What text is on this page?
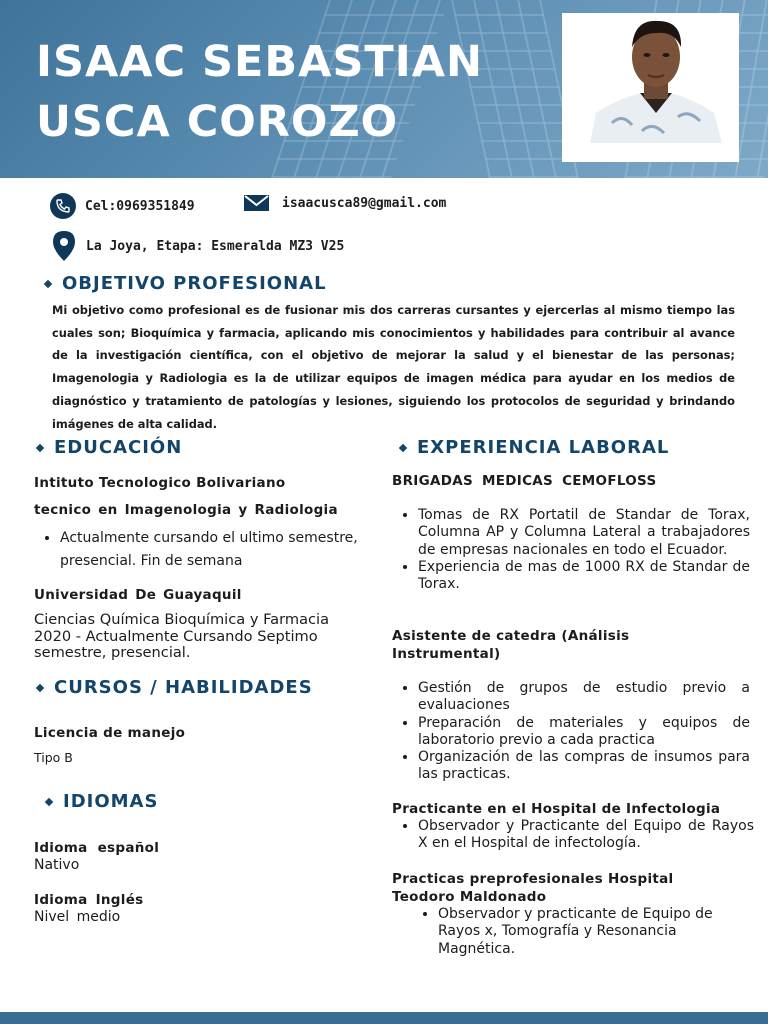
ISAAC SEBASTIAN
USCA COROZO
Cel:0969351849	isaacusca89@gmail.com
La Joya, Etapa: Esmeralda MZ3 V25
OBJETIVO PROFESIONAL

Mi objetivo como profesional es de fusionar mis dos carreras cursantes y ejercerlas al mismo tiempo las cuales son; Bioquímica y farmacia, aplicando mis conocimientos y habilidades para contribuir al avance de la investigación científica, con el objetivo de mejorar la salud y el bienestar de las personas; Imagenologia y Radiologia es la de utilizar equipos de imagen médica para ayudar en los medios de diagnóstico y tratamiento de patologías y lesiones, siguiendo los protocolos de seguridad y brindando imágenes de alta calidad.

EDUCACIÓN
Intituto Tecnologico Bolivariano
tecnico en Imagenologia y Radiologia
• Actualmente cursando el ultimo semestre, presencial. Fin de semana
Universidad De Guayaquil
Ciencias Química Bioquímica y Farmacia 2020 - Actualmente Cursando Septimo semestre, presencial.
CURSOS / HABILIDADES
Licencia de manejo
Tipo B
IDIOMAS
Idioma español
Nativo
Idioma Inglés
Nivel medio
EXPERIENCIA LABORAL
BRIGADAS MEDICAS CEMOFLOSS
• Tomas de RX Portatil de Standar de Torax, Columna AP y Columna Lateral a trabajadores de empresas nacionales en todo el Ecuador.
• Experiencia de mas de 1000 RX de Standar de Torax.
Asistente de catedra (Análisis Instrumental)
• Gestión de grupos de estudio previo a evaluaciones
• Preparación de materiales y equipos de laboratorio previo a cada practica
• Organización de las compras de insumos para las practicas.
Practicante en el Hospital de Infectologia
• Observador y Practicante del Equipo de Rayos X en el Hospital de infectología.
Practicas preprofesionales Hospital Teodoro Maldonado
• Observador y practicante de Equipo de Rayos x, Tomografía y Resonancia Magnética.
